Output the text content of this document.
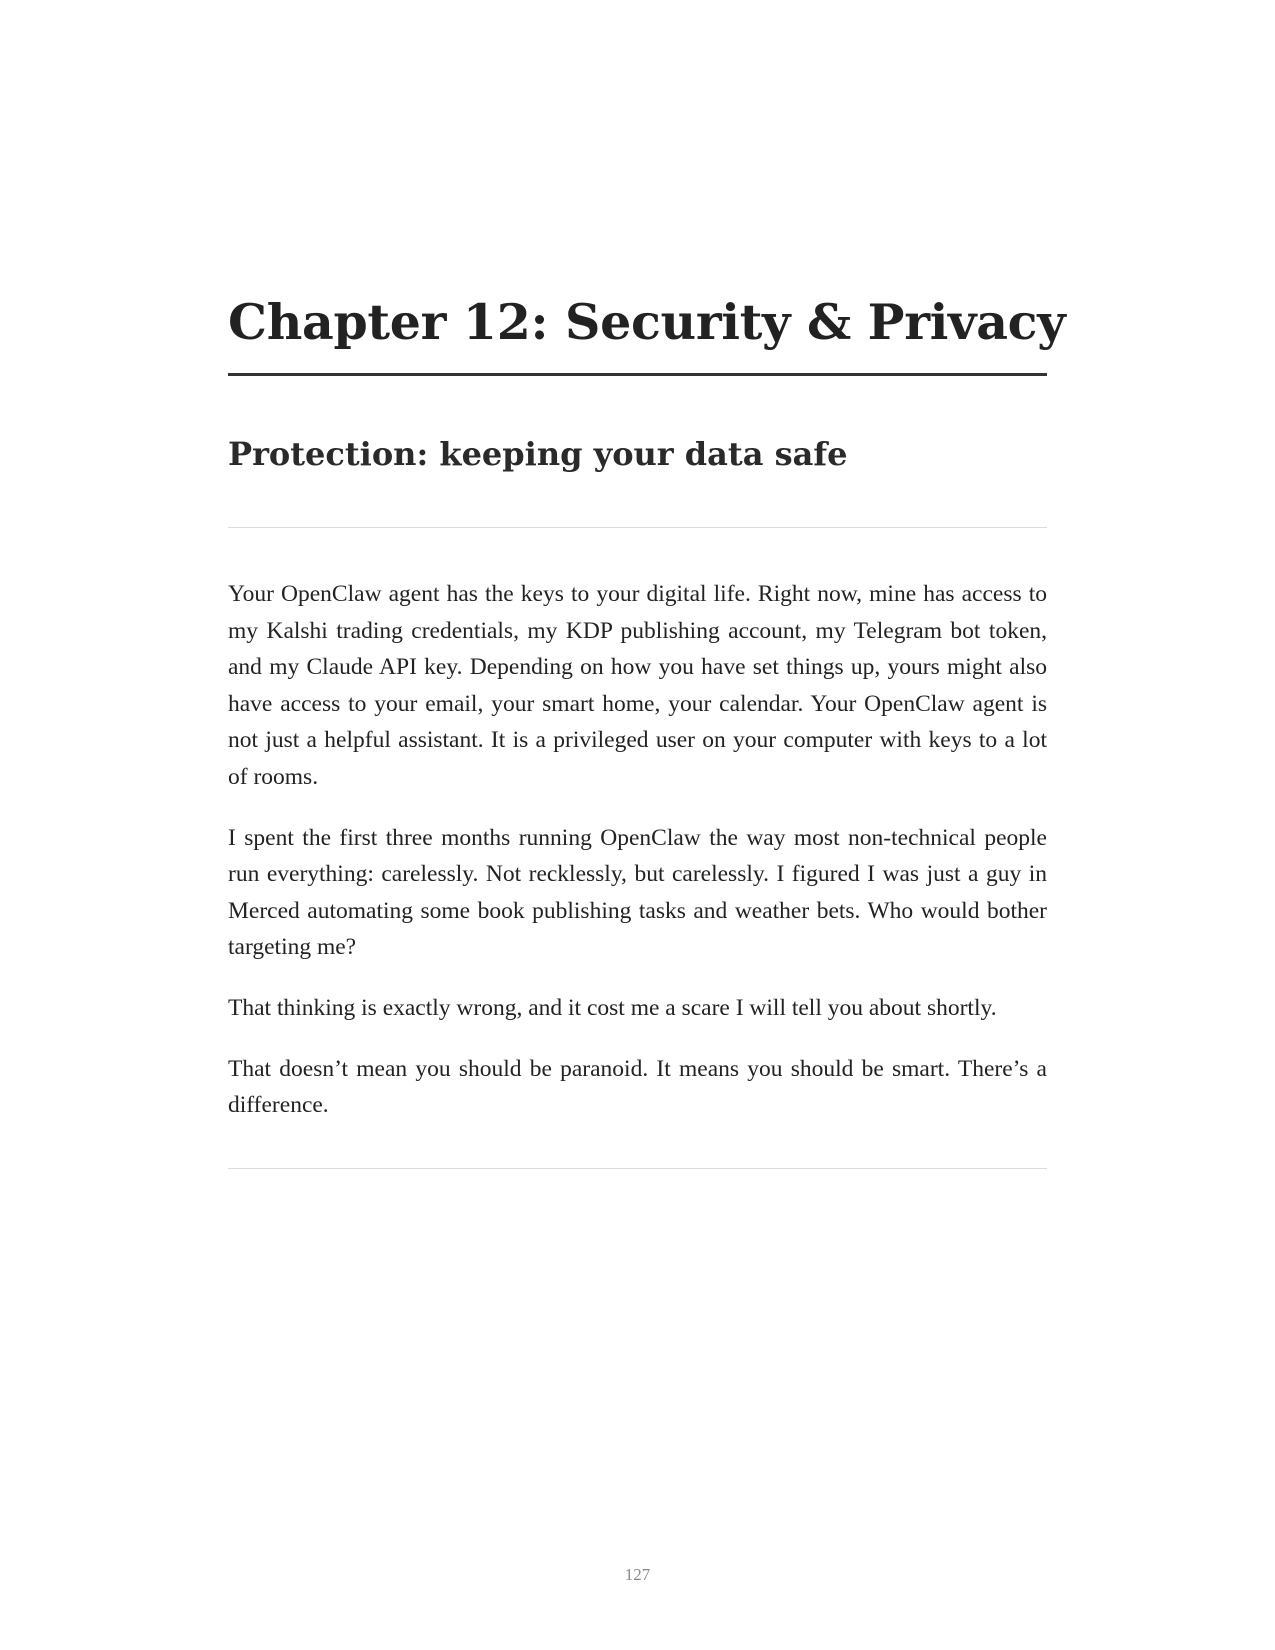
Chapter 12: Security & Privacy
Protection: keeping your data safe

Your OpenClaw agent has the keys to your digital life. Right now, mine has access to my Kalshi trading credentials, my KDP publishing account, my Telegram bot token, and my Claude API key. Depending on how you have set things up, yours might also have access to your email, your smart home, your calendar. Your OpenClaw agent is not just a helpful assistant. It is a privileged user on your computer with keys to a lot of rooms.

I spent the first three months running OpenClaw the way most non-technical people run everything: carelessly. Not recklessly, but carelessly. I figured I was just a guy in Merced automating some book publishing tasks and weather bets. Who would bother targeting me?

That thinking is exactly wrong, and it cost me a scare I will tell you about shortly.

That doesn’t mean you should be paranoid. It means you should be smart. There’s a difference.

127
